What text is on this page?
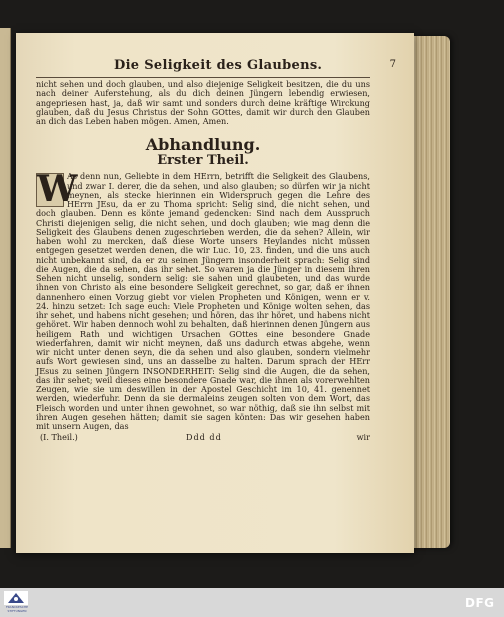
Die Seligkeit des Glaubens.	7

nicht sehen und doch glauben, und also diejenige Seligkeit besitzen, die du uns nach deiner Auferstehung, als du dich deinen Jüngern lebendig erwiesen, angepriesen hast, ja, daß wir samt und sonders durch deine kräftige Wirckung glauben, daß du Jesus Christus der Sohn GOttes, damit wir durch den Glauben an dich das Leben haben mögen. Amen, Amen.

Abhandlung.
Erster Theil.
W

As denn nun, Geliebte in dem HErrn, betrifft die Seligkeit des Glaubens, und zwar I. derer, die da sehen, und also glauben; so dürfen wir ja nicht meynen, als stecke hierinnen ein Widerspruch gegen die Lehre des HErrn JEsu, da er zu Thoma spricht: Selig sind, die nicht sehen, und doch glauben. Denn es könte jemand gedencken: Sind nach dem Ausspruch Christi diejenigen selig, die nicht sehen, und doch glauben; wie mag denn die Seligkeit des Glaubens denen zugeschrieben werden, die da sehen? Allein, wir haben wohl zu mercken, daß diese Worte unsers Heylandes nicht müssen entgegen gesetzet werden denen, die wir Luc. 10, 23. finden, und die uns auch nicht unbekannt sind, da er zu seinen Jüngern insonderheit sprach: Selig sind die Augen, die da sehen, das ihr sehet. So waren ja die Jünger in diesem ihren Sehen nicht unselig, sondern selig: sie sahen und glaubeten, und das wurde ihnen von Christo als eine besondere Seligkeit gerechnet, so gar, daß er ihnen dannenhero einen Vorzug giebt vor vielen Propheten und Königen, wenn er v. 24. hinzu setzet: Ich sage euch: Viele Propheten und Könige wolten sehen, das ihr sehet, und habens nicht gesehen; und hören, das ihr höret, und habens nicht gehöret. Wir haben dennoch wohl zu behalten, daß hierinnen denen Jüngern aus heiligem Rath und wichtigen Ursachen GOttes eine besondere Gnade wiederfahren, damit wir nicht meynen, daß uns dadurch etwas abgehe, wenn wir nicht unter denen seyn, die da sehen und also glauben, sondern vielmehr aufs Wort gewiesen sind, uns an dasselbe zu halten. Darum sprach der HErr JEsus zu seinen Jüngern INSONDERHEIT: Selig sind die Augen, die da sehen, das ihr sehet; weil dieses eine besondere Gnade war, die ihnen als vorerwehlten Zeugen, wie sie um deswillen in der Apostel Geschicht im 10, 41. genennet werden, wiederfuhr. Denn da sie dermaleins zeugen solten von dem Wort, das Fleisch worden und unter ihnen gewohnet, so war nöthig, daß sie ihn selbst mit ihren Augen gesehen hätten; damit sie sagen könten: Das wir gesehen haben mit unsern Augen, das

(I. Theil.)	Ddd dd	wir
FRANCKESCHE STIFTUNGEN
DFG
